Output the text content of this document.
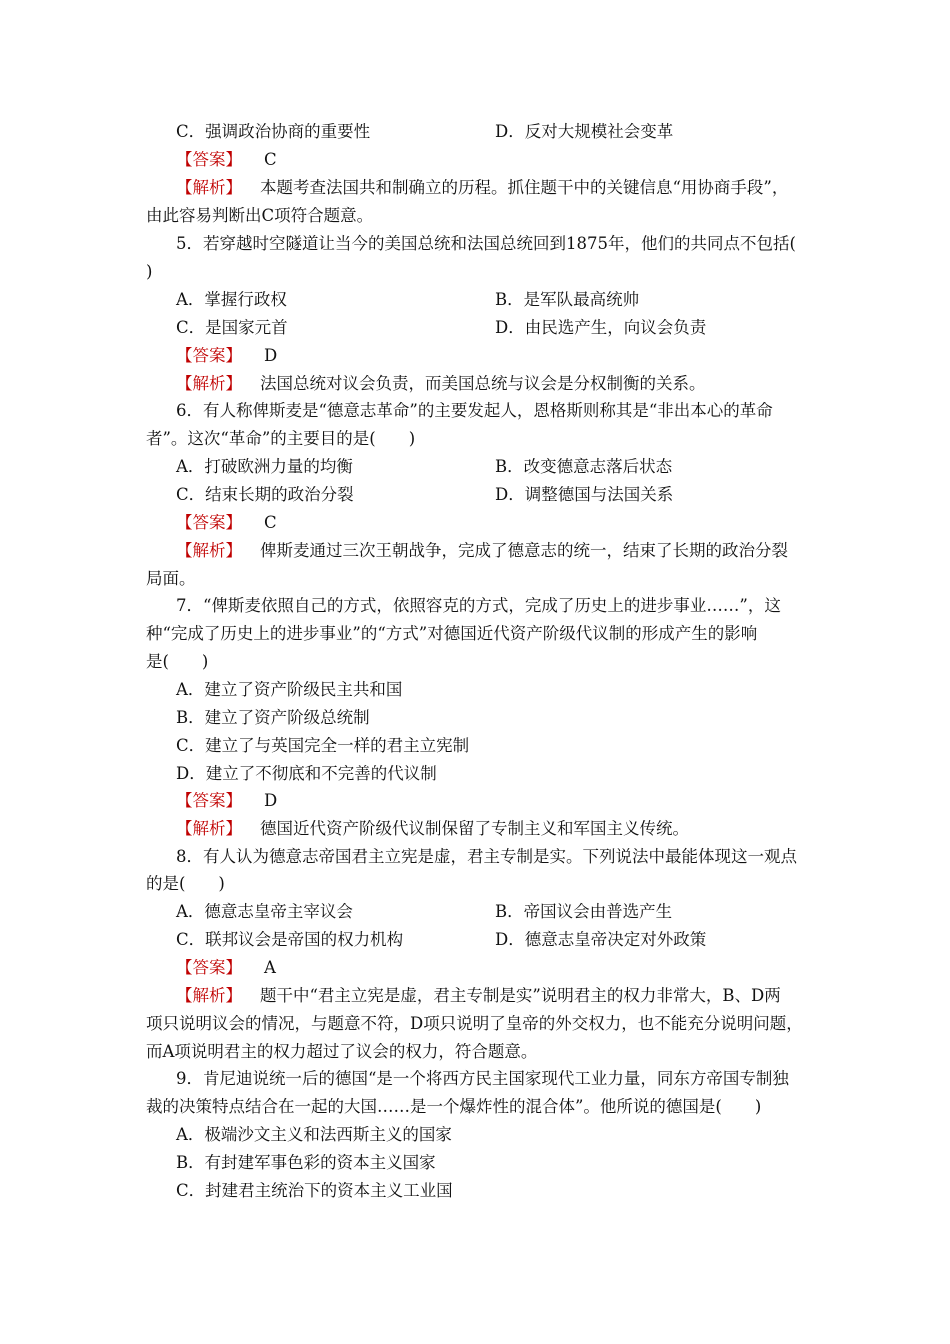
C．强调政治协商的重要性	D．反对大规模社会变革
【答案】 C
【解析】 本题考查法国共和制确立的历程。抓住题干中的关键信息“用协商手段”，
由此容易判断出C项符合题意。
5．若穿越时空隧道让当今的美国总统和法国总统回到1875年，他们的共同点不包括(
)
A．掌握行政权	B．是军队最高统帅
C．是国家元首	D．由民选产生，向议会负责
【答案】 D
【解析】 法国总统对议会负责，而美国总统与议会是分权制衡的关系。
6．有人称俾斯麦是“德意志革命”的主要发起人，恩格斯则称其是“非出本心的革命
者”。这次“革命”的主要目的是(　　)
A．打破欧洲力量的均衡	B．改变德意志落后状态
C．结束长期的政治分裂	D．调整德国与法国关系
【答案】 C
【解析】 俾斯麦通过三次王朝战争，完成了德意志的统一，结束了长期的政治分裂
局面。
7．“俾斯麦依照自己的方式，依照容克的方式，完成了历史上的进步事业……”，这
种“完成了历史上的进步事业”的“方式”对德国近代资产阶级代议制的形成产生的影响
是(　　)
A．建立了资产阶级民主共和国
B．建立了资产阶级总统制
C．建立了与英国完全一样的君主立宪制
D．建立了不彻底和不完善的代议制
【答案】 D
【解析】 德国近代资产阶级代议制保留了专制主义和军国主义传统。
8．有人认为德意志帝国君主立宪是虚，君主专制是实。下列说法中最能体现这一观点
的是(　　)
A．德意志皇帝主宰议会	B．帝国议会由普选产生
C．联邦议会是帝国的权力机构	D．德意志皇帝决定对外政策
【答案】 A
【解析】 题干中“君主立宪是虚，君主专制是实”说明君主的权力非常大，B、D两
项只说明议会的情况，与题意不符，D项只说明了皇帝的外交权力，也不能充分说明问题，
而A项说明君主的权力超过了议会的权力，符合题意。
9．肯尼迪说统一后的德国“是一个将西方民主国家现代工业力量，同东方帝国专制独
裁的决策特点结合在一起的大国……是一个爆炸性的混合体”。他所说的德国是(　　)
A．极端沙文主义和法西斯主义的国家
B．有封建军事色彩的资本主义国家
C．封建君主统治下的资本主义工业国
